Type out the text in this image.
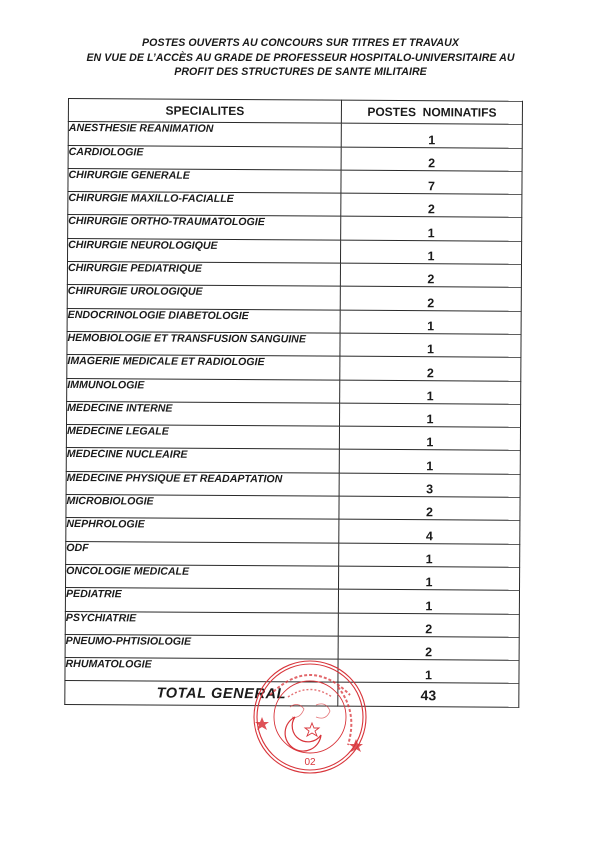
POSTES OUVERTS AU CONCOURS SUR TITRES ET TRAVAUX
EN VUE DE L’ACCÈS AU GRADE DE PROFESSEUR HOSPITALO-UNIVERSITAIRE AU
PROFIT DES STRUCTURES DE SANTE MILITAIRE
SPECIALITES	POSTES  NOMINATIFS
ANESTHESIE REANIMATION	1
CARDIOLOGIE	2
CHIRURGIE GENERALE	7
CHIRURGIE MAXILLO-FACIALLE	2
CHIRURGIE ORTHO-TRAUMATOLOGIE	1
CHIRURGIE NEUROLOGIQUE	1
CHIRURGIE PEDIATRIQUE	2
CHIRURGIE UROLOGIQUE	2
ENDOCRINOLOGIE DIABETOLOGIE	1
HEMOBIOLOGIE ET TRANSFUSION SANGUINE	1
IMAGERIE MEDICALE ET RADIOLOGIE	2
IMMUNOLOGIE	1
MEDECINE INTERNE	1
MEDECINE LEGALE	1
MEDECINE NUCLEAIRE	1
MEDECINE PHYSIQUE ET READAPTATION	3
MICROBIOLOGIE	2
NEPHROLOGIE	4
ODF	1
ONCOLOGIE MEDICALE	1
PEDIATRIE	1
PSYCHIATRIE	2
PNEUMO-PHTISIOLOGIE	2
RHUMATOLOGIE	1
TOTAL GENERAL	43
02
